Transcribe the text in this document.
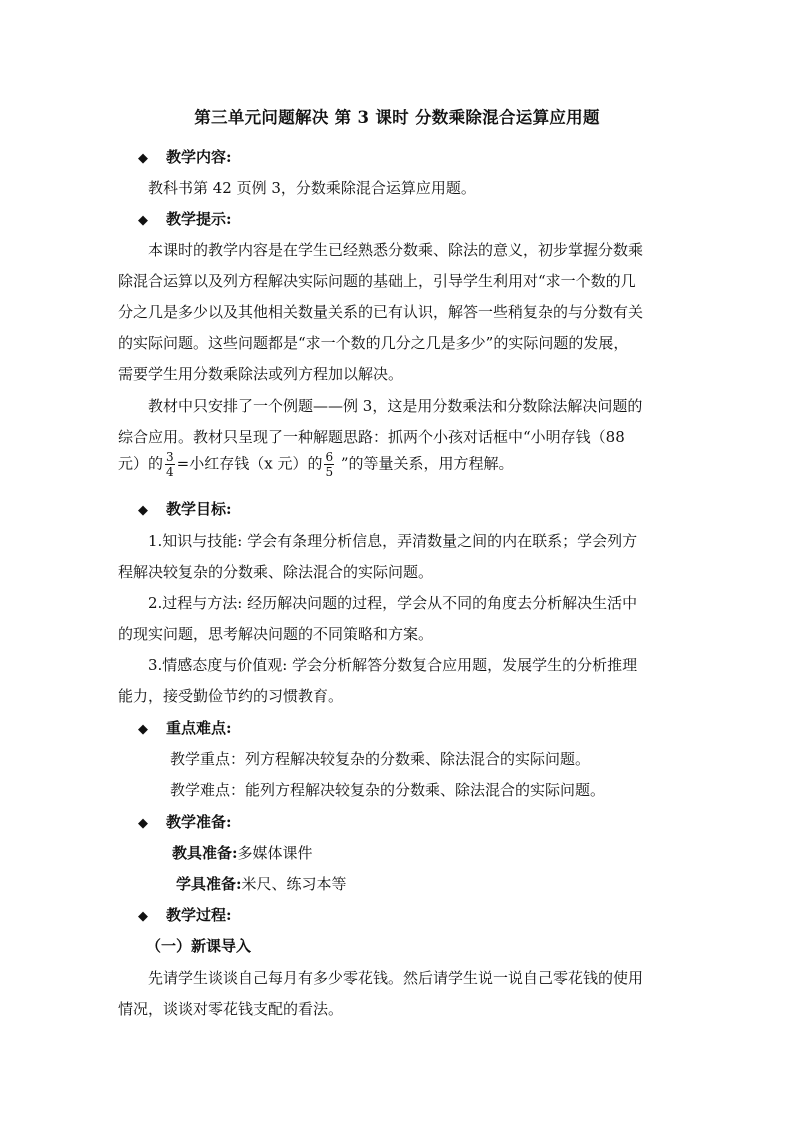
第三单元问题解决 第 3 课时 分数乘除混合运算应用题
◆ 教学内容:
教科书第 42 页例 3，分数乘除混合运算应用题。
◆ 教学提示:
本课时的教学内容是在学生已经熟悉分数乘、除法的意义，初步掌握分数乘
除混合运算以及列方程解决实际问题的基础上，引导学生利用对“求一个数的几
分之几是多少以及其他相关数量关系的已有认识，解答一些稍复杂的与分数有关
的实际问题。这些问题都是“求一个数的几分之几是多少”的实际问题的发展，
需要学生用分数乘除法或列方程加以解决。
教材中只安排了一个例题——例 3，这是用分数乘法和分数除法解决问题的
综合应用。教材只呈现了一种解题思路：抓两个小孩对话框中“小明存钱（88
元）的 $\frac{3}{4}$ =小红存钱（x 元）的 $\frac{6}{5}$ ”的等量关系，用方程解。
◆ 教学目标:
1.知识与技能: 学会有条理分析信息，弄清数量之间的内在联系；学会列方
程解决较复杂的分数乘、除法混合的实际问题。
2.过程与方法: 经历解决问题的过程，学会从不同的角度去分析解决生活中
的现实问题，思考解决问题的不同策略和方案。
3.情感态度与价值观: 学会分析解答分数复合应用题，发展学生的分析推理
能力，接受勤俭节约的习惯教育。
◆ 重点难点:
教学重点：列方程解决较复杂的分数乘、除法混合的实际问题。
教学难点：能列方程解决较复杂的分数乘、除法混合的实际问题。
◆ 教学准备:
教具准备:多媒体课件
学具准备:米尺、练习本等
◆ 教学过程:
（一）新课导入
先请学生谈谈自己每月有多少零花钱。然后请学生说一说自己零花钱的使用
情况，谈谈对零花钱支配的看法。
